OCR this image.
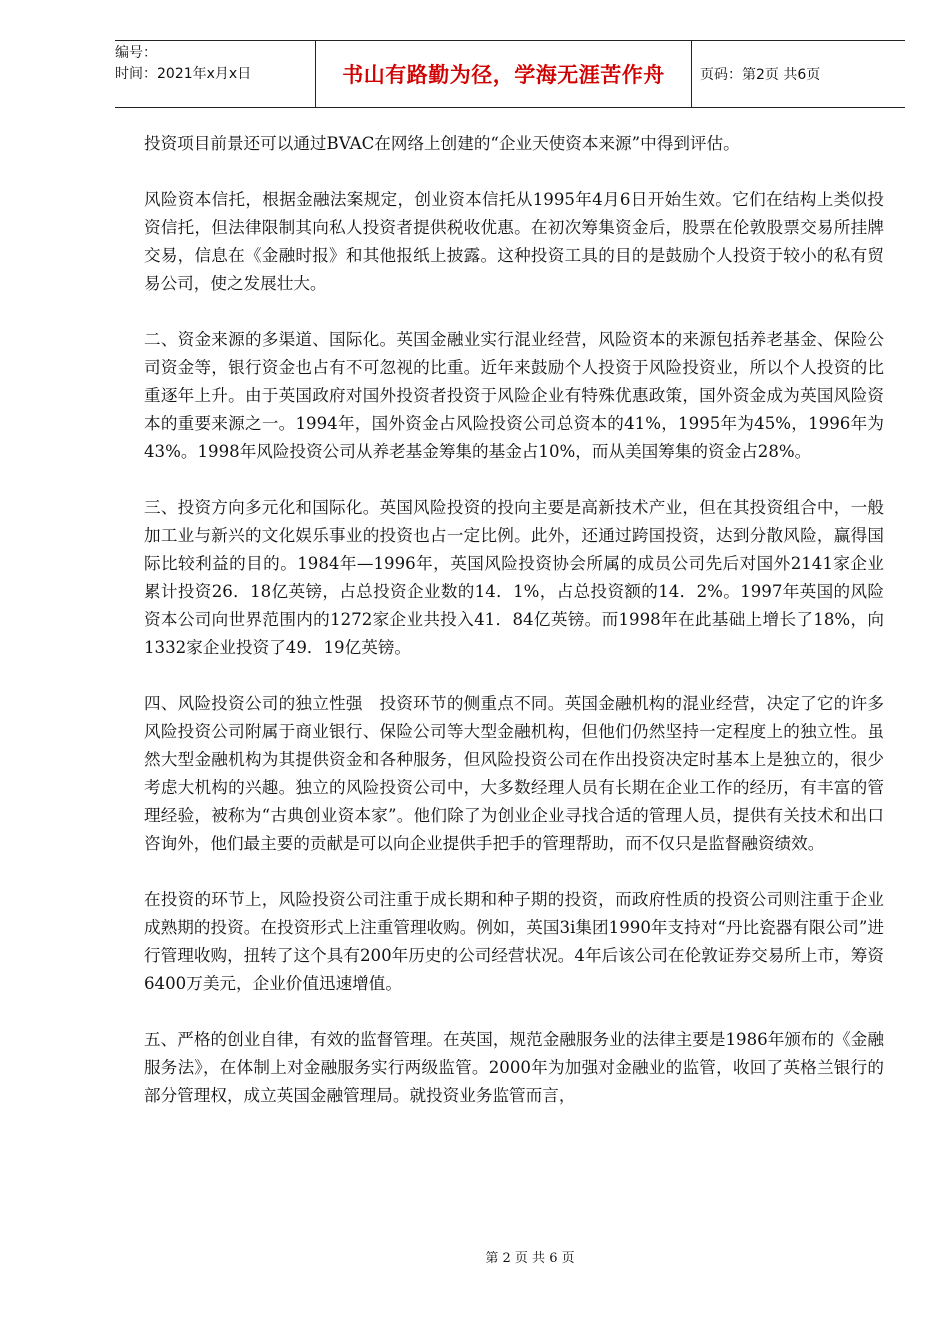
编号：
时间：2021年x月x日	书山有路勤为径，学海无涯苦作舟	页码：第2页 共6页

投资项目前景还可以通过BVAC在网络上创建的“企业天使资本来源”中得到评估。

风险资本信托，根据金融法案规定，创业资本信托从1995年4月6日开始生效。它们在结构上类似投资信托，但法律限制其向私人投资者提供税收优惠。在初次筹集资金后，股票在伦敦股票交易所挂牌交易，信息在《金融时报》和其他报纸上披露。这种投资工具的目的是鼓励个人投资于较小的私有贸易公司，使之发展壮大。

二、资金来源的多渠道、国际化。英国金融业实行混业经营，风险资本的来源包括养老基金、保险公司资金等，银行资金也占有不可忽视的比重。近年来鼓励个人投资于风险投资业，所以个人投资的比重逐年上升。由于英国政府对国外投资者投资于风险企业有特殊优惠政策，国外资金成为英国风险资本的重要来源之一。1994年，国外资金占风险投资公司总资本的41%，1995年为45%，1996年为43%。1998年风险投资公司从养老基金筹集的基金占10%，而从美国筹集的资金占28%。

三、投资方向多元化和国际化。英国风险投资的投向主要是高新技术产业，但在其投资组合中，一般加工业与新兴的文化娱乐事业的投资也占一定比例。此外，还通过跨国投资，达到分散风险，赢得国际比较利益的目的。1984年—1996年，英国风险投资协会所属的成员公司先后对国外2141家企业累计投资26．18亿英镑，占总投资企业数的14．1%，占总投资额的14．2%。1997年英国的风险资本公司向世界范围内的1272家企业共投入41．84亿英镑。而1998年在此基础上增长了18%，向1332家企业投资了49．19亿英镑。

四、风险投资公司的独立性强　投资环节的侧重点不同。英国金融机构的混业经营，决定了它的许多风险投资公司附属于商业银行、保险公司等大型金融机构，但他们仍然坚持一定程度上的独立性。虽然大型金融机构为其提供资金和各种服务，但风险投资公司在作出投资决定时基本上是独立的，很少考虑大机构的兴趣。独立的风险投资公司中，大多数经理人员有长期在企业工作的经历，有丰富的管理经验，被称为“古典创业资本家”。他们除了为创业企业寻找合适的管理人员，提供有关技术和出口咨询外，他们最主要的贡献是可以向企业提供手把手的管理帮助，而不仅只是监督融资绩效。

在投资的环节上，风险投资公司注重于成长期和种子期的投资，而政府性质的投资公司则注重于企业成熟期的投资。在投资形式上注重管理收购。例如，英国3i集团1990年支持对“丹比瓷器有限公司”进行管理收购，扭转了这个具有200年历史的公司经营状况。4年后该公司在伦敦证券交易所上市，筹资6400万美元，企业价值迅速增值。

五、严格的创业自律，有效的监督管理。在英国，规范金融服务业的法律主要是1986年颁布的《金融服务法》，在体制上对金融服务实行两级监管。2000年为加强对金融业的监管，收回了英格兰银行的部分管理权，成立英国金融管理局。就投资业务监管而言，

第 2 页 共 6 页
